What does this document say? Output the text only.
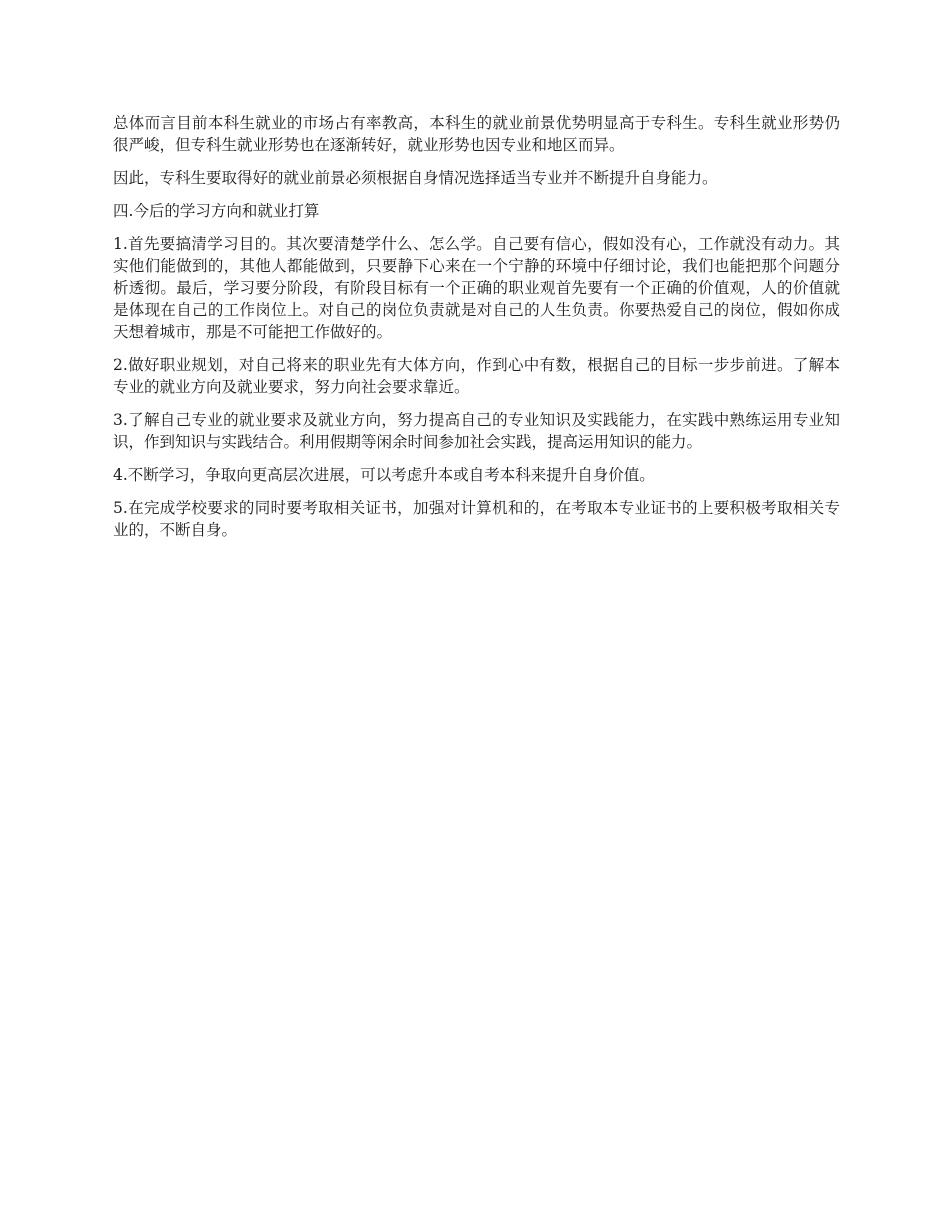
总体而言目前本科生就业的市场占有率教高，本科生的就业前景优势明显高于专科生。专科生就业形势仍很严峻，但专科生就业形势也在逐渐转好，就业形势也因专业和地区而异。

因此，专科生要取得好的就业前景必须根据自身情况选择适当专业并不断提升自身能力。

四.今后的学习方向和就业打算

1.首先要搞清学习目的。其次要清楚学什么、怎么学。自己要有信心，假如没有心，工作就没有动力。其实他们能做到的，其他人都能做到，只要静下心来在一个宁静的环境中仔细讨论，我们也能把那个问题分析透彻。最后，学习要分阶段，有阶段目标有一个正确的职业观首先要有一个正确的价值观，人的价值就是体现在自己的工作岗位上。对自己的岗位负责就是对自己的人生负责。你要热爱自己的岗位，假如你成天想着城市，那是不可能把工作做好的。

2.做好职业规划，对自己将来的职业先有大体方向，作到心中有数，根据自己的目标一步步前进。了解本专业的就业方向及就业要求，努力向社会要求靠近。

3.了解自己专业的就业要求及就业方向，努力提高自己的专业知识及实践能力，在实践中熟练运用专业知识，作到知识与实践结合。利用假期等闲余时间参加社会实践，提高运用知识的能力。

4.不断学习，争取向更高层次进展，可以考虑升本或自考本科来提升自身价值。

5.在完成学校要求的同时要考取相关证书，加强对计算机和的，在考取本专业证书的上要积极考取相关专业的，不断自身。
